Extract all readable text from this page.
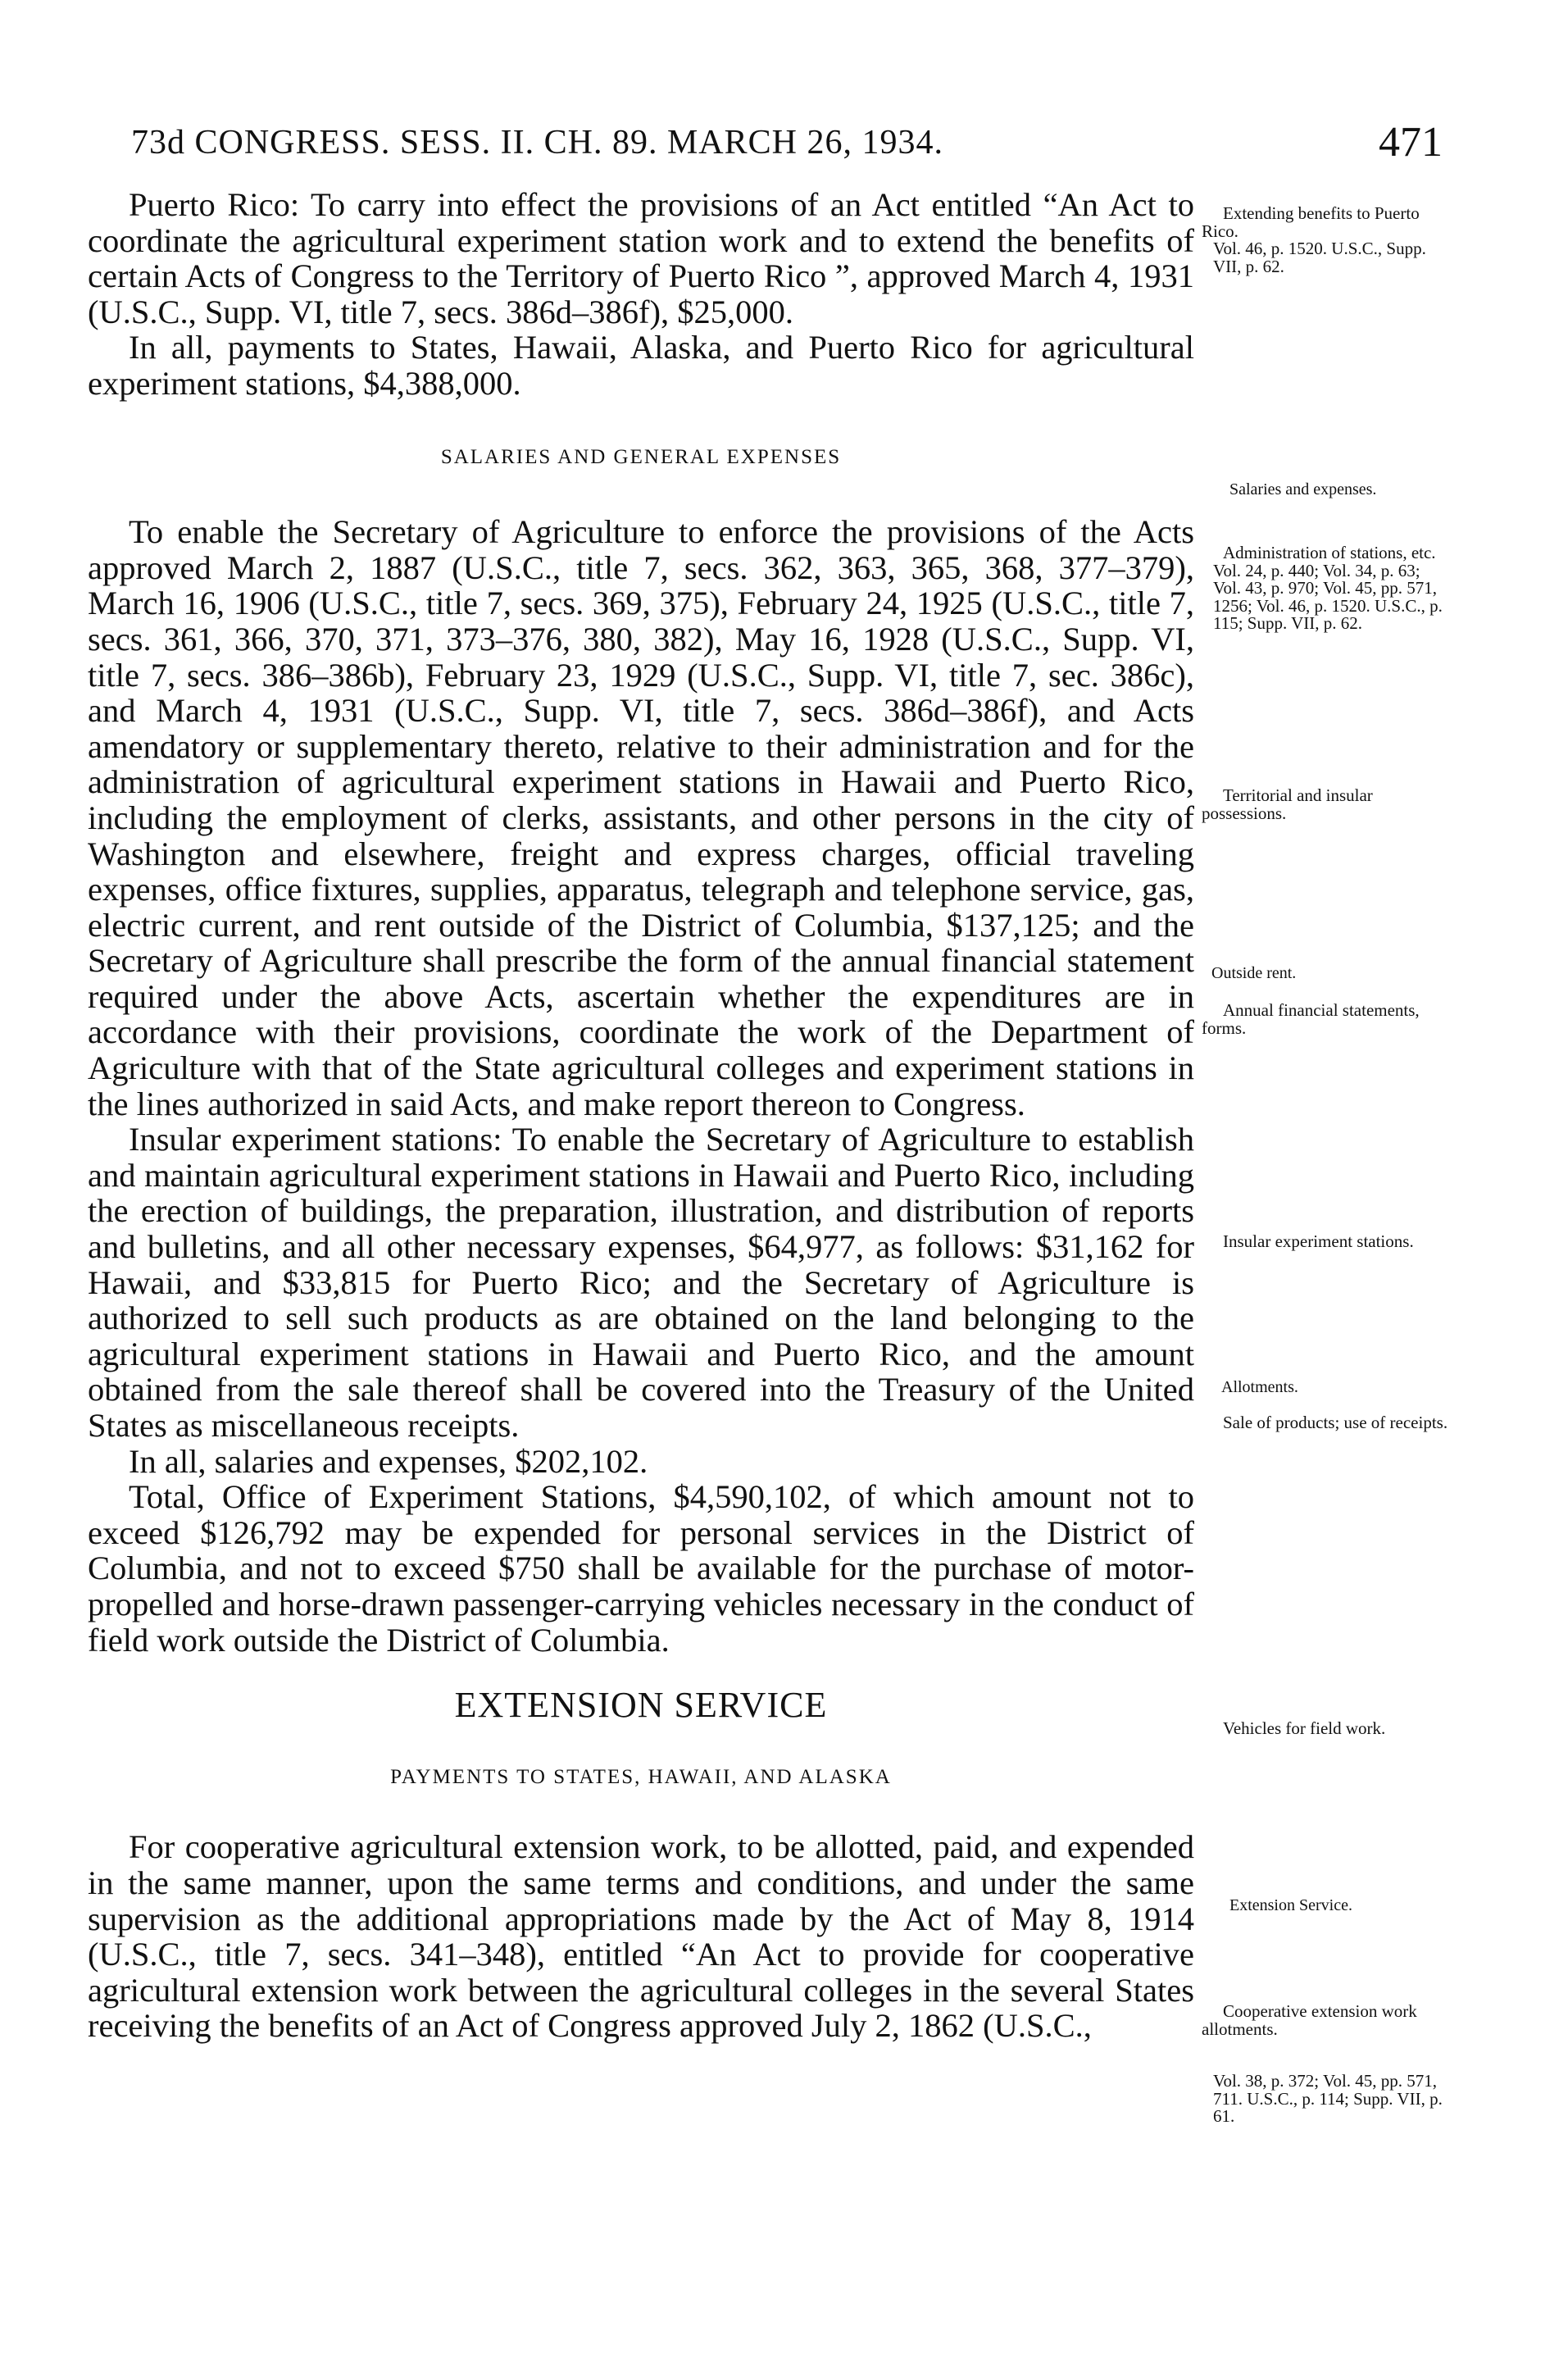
73d CONGRESS. SESS. II. CH. 89. MARCH 26, 1934.	471

Puerto Rico: To carry into effect the provisions of an Act entitled “An Act to coordinate the agricultural experiment station work and to extend the benefits of certain Acts of Congress to the Territory of Puerto Rico ”, approved March 4, 1931 (U.S.C., Supp. VI, title 7, secs. 386d–386f), $25,000.

In all, payments to States, Hawaii, Alaska, and Puerto Rico for agricultural experiment stations, $4,388,000.

SALARIES AND GENERAL EXPENSES

To enable the Secretary of Agriculture to enforce the provisions of the Acts approved March 2, 1887 (U.S.C., title 7, secs. 362, 363, 365, 368, 377–379), March 16, 1906 (U.S.C., title 7, secs. 369, 375), February 24, 1925 (U.S.C., title 7, secs. 361, 366, 370, 371, 373–376, 380, 382), May 16, 1928 (U.S.C., Supp. VI, title 7, secs. 386–386b), February 23, 1929 (U.S.C., Supp. VI, title 7, sec. 386c), and March 4, 1931 (U.S.C., Supp. VI, title 7, secs. 386d–386f), and Acts amendatory or supplementary thereto, relative to their administration and for the administration of agricultural experiment stations in Hawaii and Puerto Rico, including the employment of clerks, assistants, and other persons in the city of Washington and elsewhere, freight and express charges, official traveling expenses, office fixtures, supplies, apparatus, telegraph and telephone service, gas, electric current, and rent outside of the District of Columbia, $137,125; and the Secretary of Agriculture shall prescribe the form of the annual financial statement required under the above Acts, ascertain whether the expenditures are in accordance with their provisions, coordinate the work of the Department of Agriculture with that of the State agricultural colleges and experiment stations in the lines authorized in said Acts, and make report thereon to Congress.

Insular experiment stations: To enable the Secretary of Agriculture to establish and maintain agricultural experiment stations in Hawaii and Puerto Rico, including the erection of buildings, the preparation, illustration, and distribution of reports and bulletins, and all other necessary expenses, $64,977, as follows: $31,162 for Hawaii, and $33,815 for Puerto Rico; and the Secretary of Agriculture is authorized to sell such products as are obtained on the land belonging to the agricultural experiment stations in Hawaii and Puerto Rico, and the amount obtained from the sale thereof shall be covered into the Treasury of the United States as miscellaneous receipts.

In all, salaries and expenses, $202,102.

Total, Office of Experiment Stations, $4,590,102, of which amount not to exceed $126,792 may be expended for personal services in the District of Columbia, and not to exceed $750 shall be available for the purchase of motor-propelled and horse-drawn passenger-carrying vehicles necessary in the conduct of field work outside the District of Columbia.

EXTENSION SERVICE

PAYMENTS TO STATES, HAWAII, AND ALASKA

For cooperative agricultural extension work, to be allotted, paid, and expended in the same manner, upon the same terms and conditions, and under the same supervision as the additional appropriations made by the Act of May 8, 1914 (U.S.C., title 7, secs. 341–348), entitled “An Act to provide for cooperative agricultural extension work between the agricultural colleges in the several States receiving the benefits of an Act of Congress approved July 2, 1862 (U.S.C.,

Extending benefits to Puerto Rico.
Vol. 46, p. 1520. U.S.C., Supp. VII, p. 62.
Salaries and expenses.
Administration of stations, etc.
Vol. 24, p. 440; Vol. 34, p. 63; Vol. 43, p. 970; Vol. 45, pp. 571, 1256; Vol. 46, p. 1520. U.S.C., p. 115; Supp. VII, p. 62.
Territorial and insular possessions.
Outside rent.
Annual financial statements, forms.
Insular experiment stations.
Allotments.
Sale of products; use of receipts.
Vehicles for field work.
Extension Service.
Cooperative extension work allotments.
Vol. 38, p. 372; Vol. 45, pp. 571, 711. U.S.C., p. 114; Supp. VII, p. 61.
